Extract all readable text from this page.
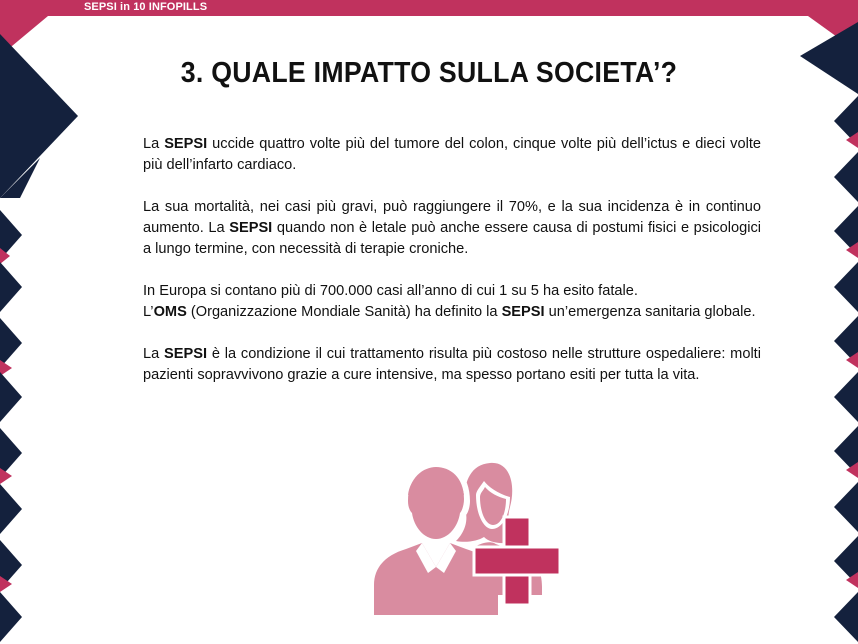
SEPSI in 10 INFOPILLS
3. QUALE IMPATTO SULLA SOCIETA’?

La SEPSI uccide quattro volte più del tumore del colon, cinque volte più dell’ictus e dieci volte più dell’infarto cardiaco.

La sua mortalità, nei casi più gravi, può raggiungere il 70%, e la sua incidenza è in continuo aumento. La SEPSI quando non è letale può anche essere causa di postumi fisici e psicologici a lungo termine, con necessità di terapie croniche.

In Europa si contano più di 700.000 casi all’anno di cui 1 su 5 ha esito fatale.

L’OMS (Organizzazione Mondiale Sanità) ha definito la SEPSI un’emergenza sanitaria globale.

La SEPSI è la condizione il cui trattamento risulta più costoso nelle strutture ospedaliere: molti pazienti sopravvivono grazie a cure intensive, ma spesso portano esiti per tutta la vita.
